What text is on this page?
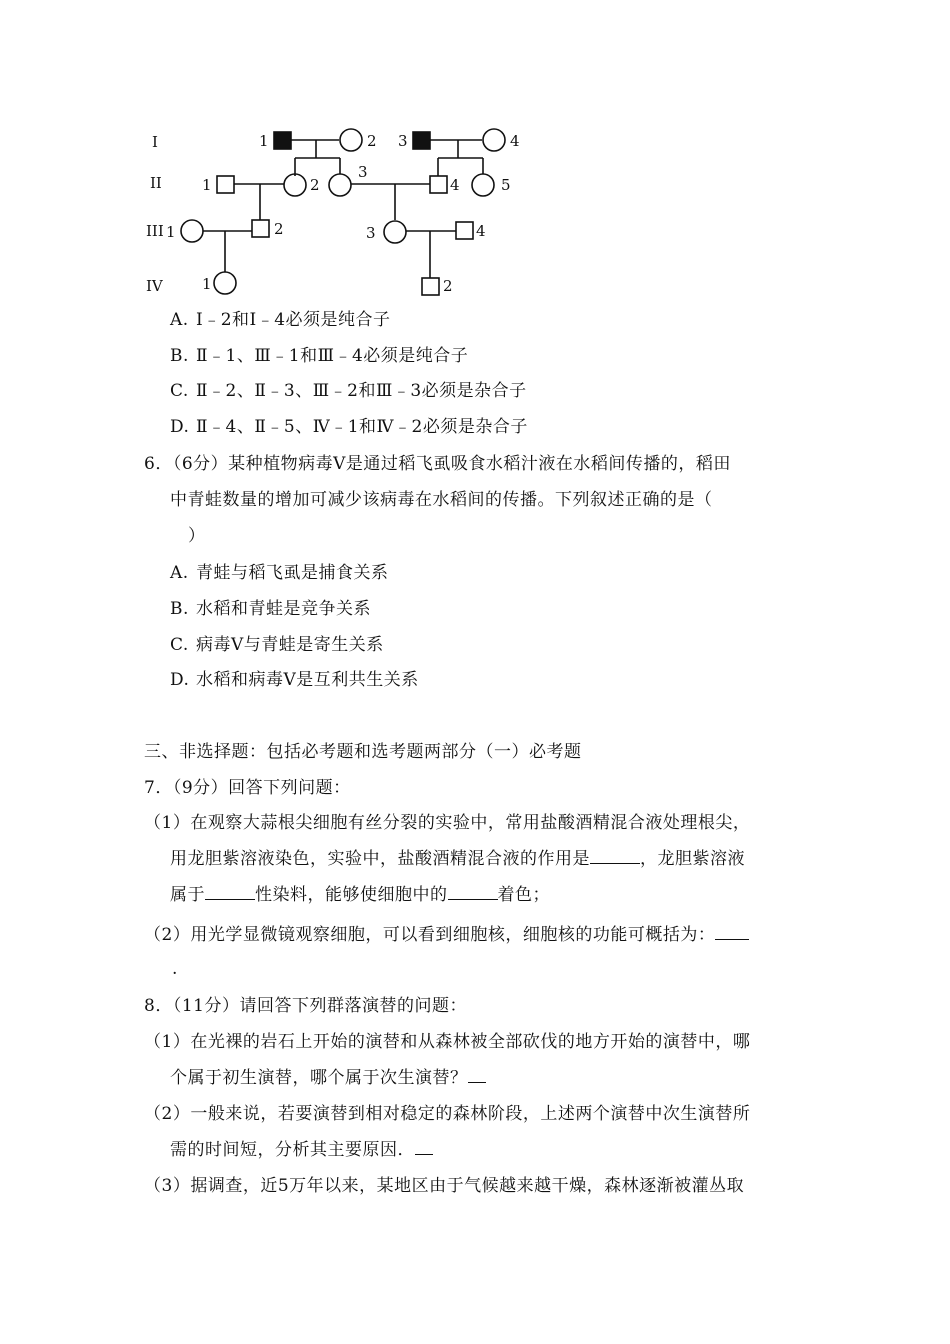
I
II
III
IV
1	2 3	4
1	2
3
4	5
1	2	3	4
1	2
A. Ⅰ﹣2和Ⅰ﹣4必须是纯合子
B. Ⅱ﹣1、Ⅲ﹣1和Ⅲ﹣4必须是纯合子
C. Ⅱ﹣2、Ⅱ﹣3、Ⅲ﹣2和Ⅲ﹣3必须是杂合子
D. Ⅱ﹣4、Ⅱ﹣5、Ⅳ﹣1和Ⅳ﹣2必须是杂合子
6．（6分）某种植物病毒V是通过稻飞虱吸食水稻汁液在水稻间传播的，稻田
中青蛙数量的增加可减少该病毒在水稻间的传播。下列叙述正确的是（
）
A. 青蛙与稻飞虱是捕食关系
B. 水稻和青蛙是竞争关系
C. 病毒V与青蛙是寄生关系
D. 水稻和病毒V是互利共生关系
三、非选择题：包括必考题和选考题两部分（一）必考题
7．（9分）回答下列问题：
（1）在观察大蒜根尖细胞有丝分裂的实验中，常用盐酸酒精混合液处理根尖，
用龙胆紫溶液染色，实验中，盐酸酒精混合液的作用是	，龙胆紫溶液
属于	性染料，能够使细胞中的	着色；
（2）用光学显微镜观察细胞，可以看到细胞核，细胞核的功能可概括为：
.
8．（11分）请回答下列群落演替的问题：
（1）在光裸的岩石上开始的演替和从森林被全部砍伐的地方开始的演替中，哪
个属于初生演替，哪个属于次生演替？
（2）一般来说，若要演替到相对稳定的森林阶段，上述两个演替中次生演替所
需的时间短，分析其主要原因．
（3）据调查，近5万年以来，某地区由于气候越来越干燥，森林逐渐被灌丛取
